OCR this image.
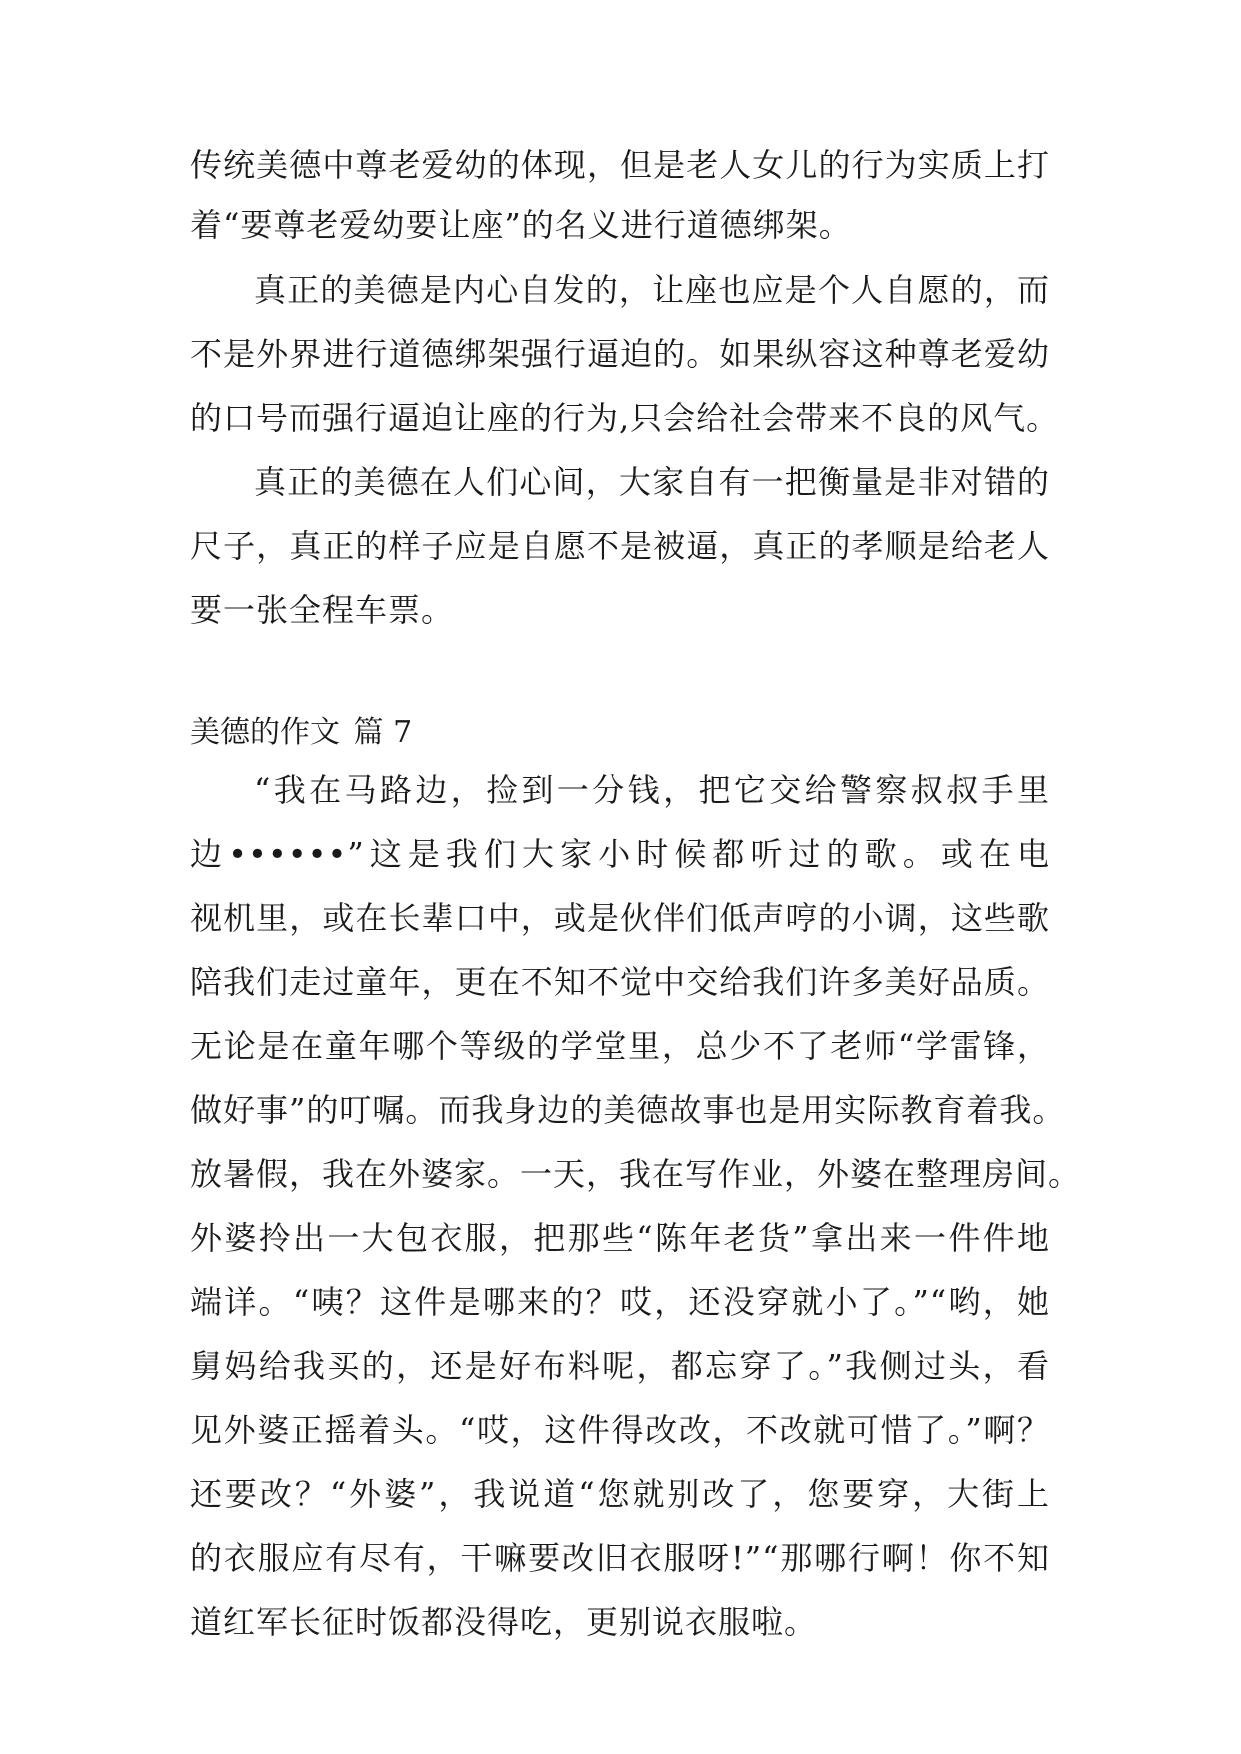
传统美德中尊老爱幼的体现，但是老人女儿的行为实质上打
着“要尊老爱幼要让座”的名义进行道德绑架。
真正的美德是内心自发的，让座也应是个人自愿的，而
不是外界进行道德绑架强行逼迫的。如果纵容这种尊老爱幼
的口号而强行逼迫让座的行为,只会给社会带来不良的风气。
真正的美德在人们心间，大家自有一把衡量是非对错的
尺子，真正的样子应是自愿不是被逼，真正的孝顺是给老人
要一张全程车票。
美德的作文 篇 7
“我在马路边，捡到一分钱，把它交给警察叔叔手里
边••••••”这是我们大家小时候都听过的歌。或在电
视机里，或在长辈口中，或是伙伴们低声哼的小调，这些歌
陪我们走过童年，更在不知不觉中交给我们许多美好品质。
无论是在童年哪个等级的学堂里，总少不了老师“学雷锋，
做好事”的叮嘱。而我身边的美德故事也是用实际教育着我。
放暑假，我在外婆家。一天，我在写作业，外婆在整理房间。
外婆拎出一大包衣服，把那些“陈年老货”拿出来一件件地
端详。“咦？这件是哪来的？哎，还没穿就小了。”“哟，她
舅妈给我买的，还是好布料呢，都忘穿了。”我侧过头，看
见外婆正摇着头。“哎，这件得改改，不改就可惜了。”啊？
还要改？“外婆”，我说道“您就别改了，您要穿，大街上
的衣服应有尽有，干嘛要改旧衣服呀!”“那哪行啊！你不知
道红军长征时饭都没得吃，更别说衣服啦。
